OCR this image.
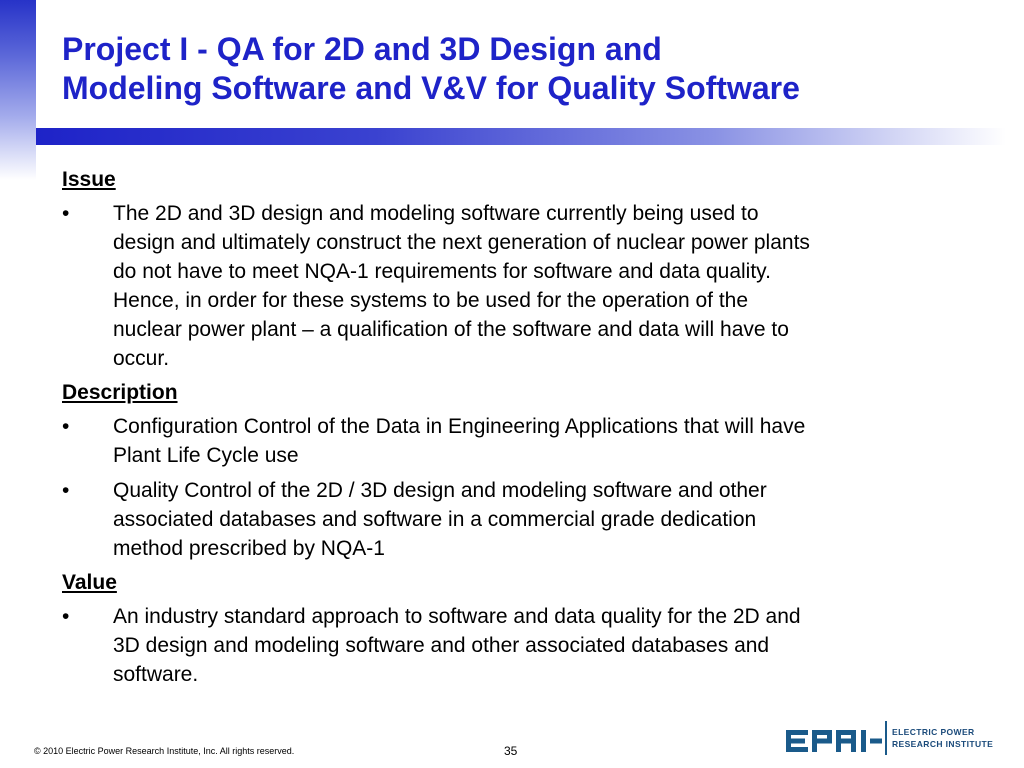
Project I - QA for 2D and 3D Design and
Modeling Software and V&V for Quality Software
Issue
•	The 2D and 3D design and modeling software currently being used to
design and ultimately construct the next generation of nuclear power plants
do not have to meet NQA-1 requirements for software and data quality.
Hence, in order for these systems to be used for the operation of the
nuclear power plant – a qualification of the software and data will have to
occur.
Description
•	Configuration Control of the Data in Engineering Applications that will have
Plant Life Cycle use
•	Quality Control of the 2D / 3D design and modeling software and other
associated databases and software in a commercial grade dedication
method prescribed by NQA-1
Value
•	An industry standard approach to software and data quality for the 2D and
3D design and modeling software and other associated databases and
software.
© 2010 Electric Power Research Institute, Inc. All rights reserved.	35
ELECTRIC POWER
RESEARCH INSTITUTE
